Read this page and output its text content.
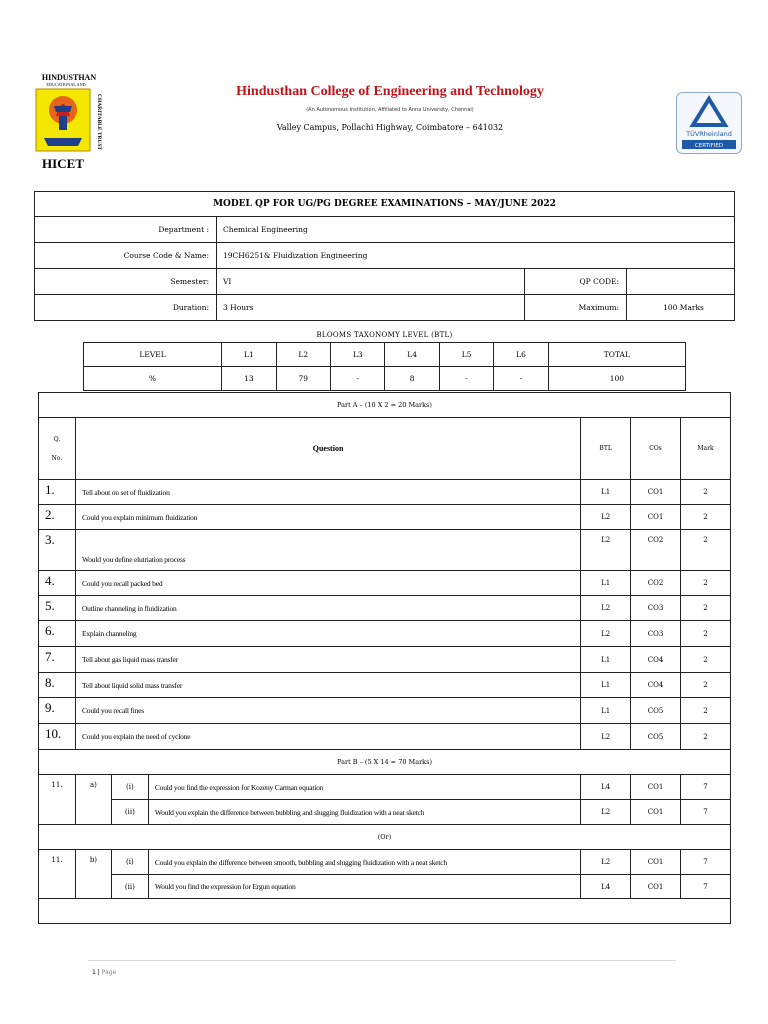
HINDUSTHAN
EDUCATIONAL AND
CHARITABLE TRUST
HICET
Hindusthan College of Engineering and Technology
(An Autonomous Institution, Affiliated to Anna University, Chennai)
Valley Campus, Pollachi Highway, Coimbatore – 641032
TÜVRheinland
CERTIFIED
MODEL QP FOR UG/PG DEGREE EXAMINATIONS – MAY/JUNE 2022			
Department :	Chemical Engineering		
Course Code & Name:	19CH6251& Fluidization Engineering		
Semester:	VI	QP CODE:	
Duration:	3 Hours	Maximum:	100 Marks
BLOOMS TAXONOMY LEVEL (BTL)
LEVEL	L1	L2	L3	L4	L5	L6	TOTAL
%	13	79	-	8	-	-	100
Part A – (10 X 2 = 20 Marks)						

Q.
No.	Question			BTL	COs	Mark
1.	Tell about on set of fluidization			L1	CO1	2
2.	Could you explain minimum fluidization			L2	CO1	2
3.	Would you define elutriation process			L2	CO2	2
4.	Could you recall packed bed			L1	CO2	2
5.	Outline channeling in fluidization			L2	CO3	2
6.	Explain channeling			L2	CO3	2
7.	Tell about gas liquid mass transfer			L1	CO4	2
8.	Tell about liquid solid mass transfer			L1	CO4	2
9.	Could you recall fines			L1	CO5	2
10.	Could you explain the need of cyclone			L2	CO5	2
Part B – (5 X 14 = 70 Marks)						
11.	a)	(i)	Could you find the expression for Kozeny Carman equation	L4	CO1	7
		(ii)	Would you explain the difference between bubbling and slugging fluidization with a neat sketch	L2	CO1	7
(Or)						
11.	b)	(i)	Could you explain the difference between smooth, bubbling and slugging fluidization with a neat sketch	L2	CO1	7
		(ii)	Would you find the expression for Ergun equation	L4	CO1	7

1 | Page
